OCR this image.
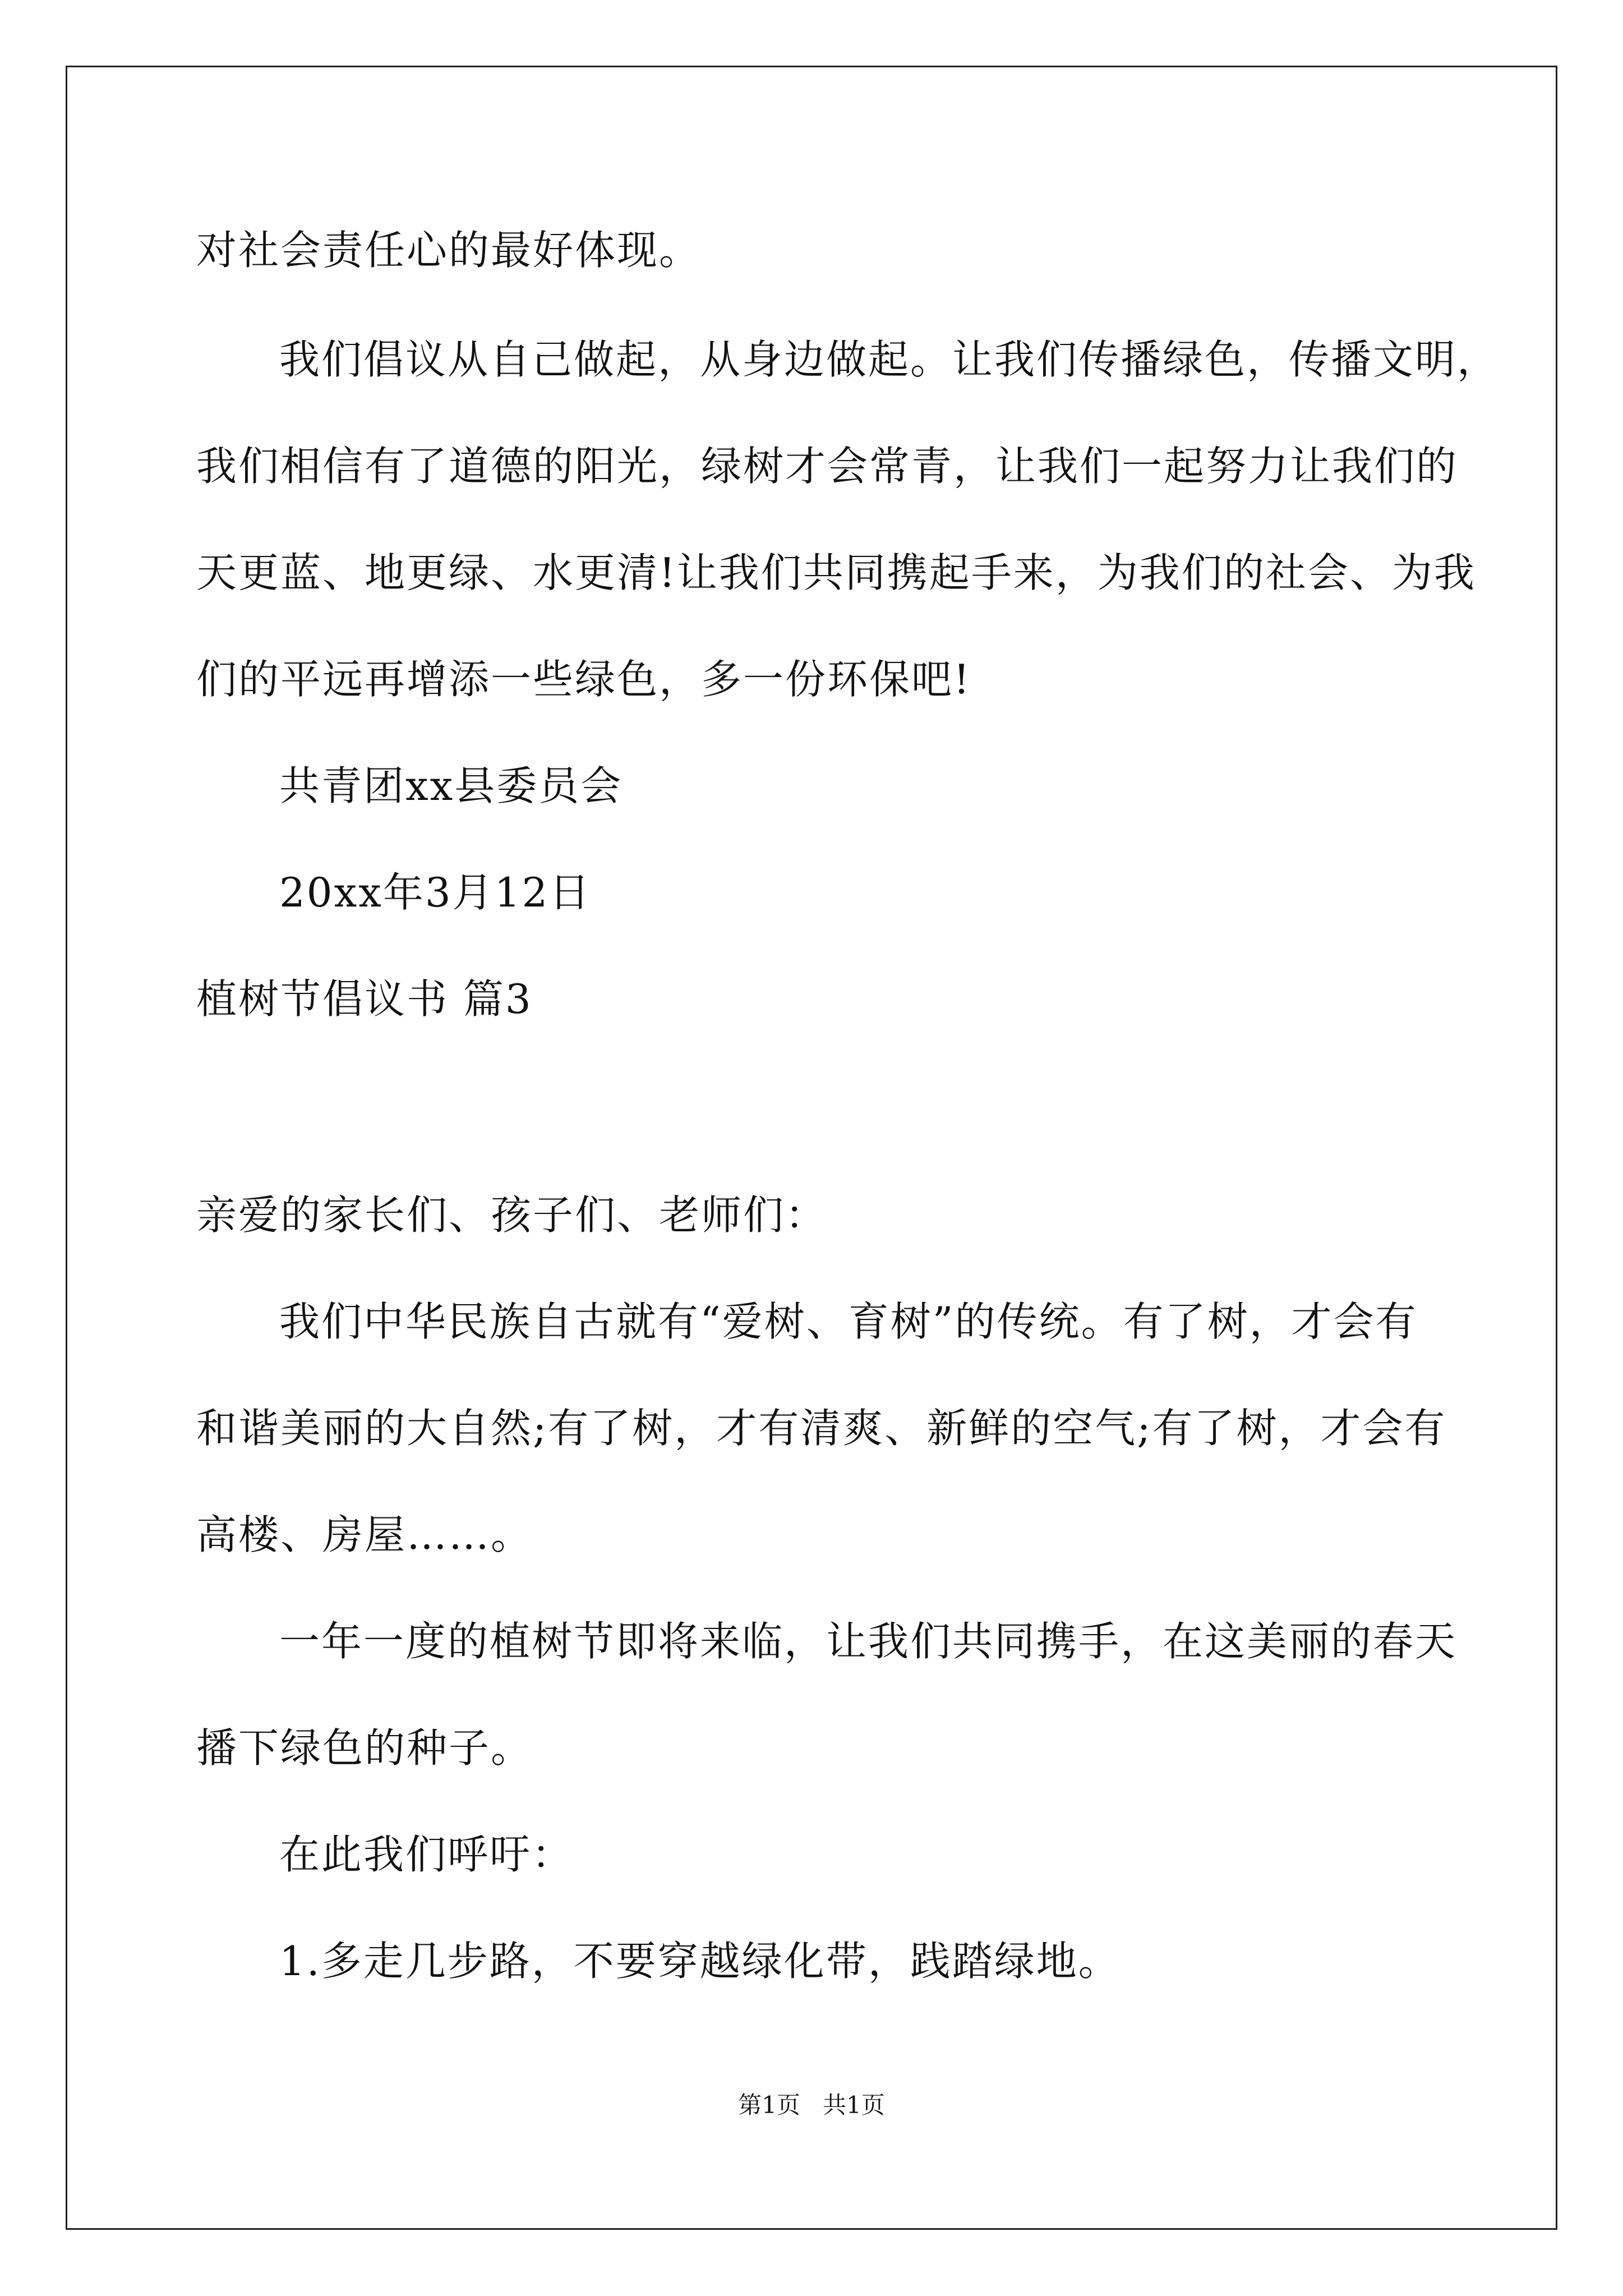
对社会责任心的最好体现。
我们倡议从自己做起，从身边做起。让我们传播绿色，传播文明，
我们相信有了道德的阳光，绿树才会常青，让我们一起努力让我们的
天更蓝、地更绿、水更清!让我们共同携起手来，为我们的社会、为我
们的平远再增添一些绿色，多一份环保吧!
共青团xx县委员会
20xx年3月12日
植树节倡议书 篇3
亲爱的家长们、孩子们、老师们：
我们中华民族自古就有“爱树、育树”的传统。有了树，才会有
和谐美丽的大自然;有了树，才有清爽、新鲜的空气;有了树，才会有
高楼、房屋……。
一年一度的植树节即将来临，让我们共同携手，在这美丽的春天
播下绿色的种子。
在此我们呼吁：
1.多走几步路，不要穿越绿化带，践踏绿地。
第1页   共1页
